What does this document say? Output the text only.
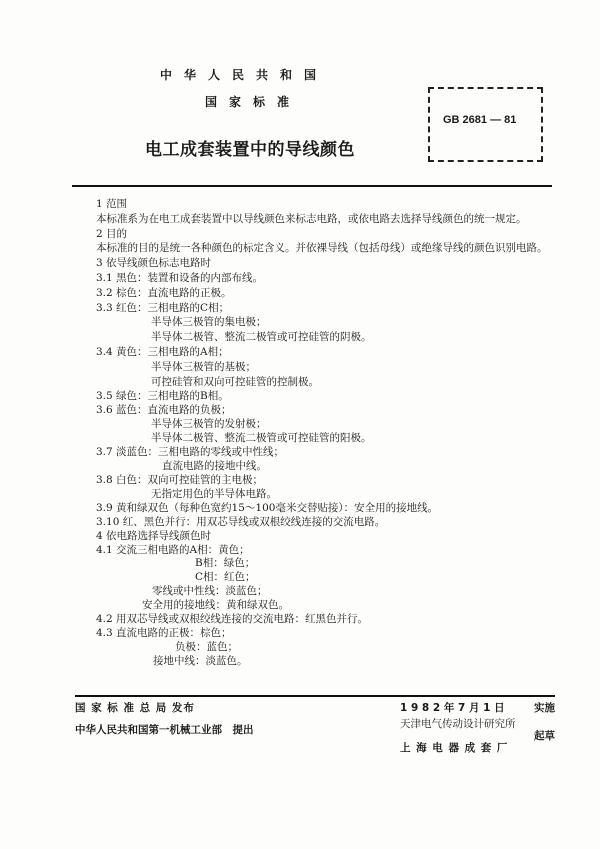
中华人民共和国
国家标准
电工成套装置中的导线颜色
GB 2681 — 81
1 范围
本标准系为在电工成套装置中以导线颜色来标志电路，或依电路去选择导线颜色的统一规定。
2 目的
本标准的目的是统一各种颜色的标定含义。并依裸导线（包括母线）或绝缘导线的颜色识别电路。
3 依导线颜色标志电路时
3.1 黑色：装置和设备的内部布线。
3.2 棕色：直流电路的正极。
3.3 红色：三相电路的C相；
半导体三极管的集电极；
半导体二极管、整流二极管或可控硅管的阴极。
3.4 黄色：三相电路的A相；
半导体三极管的基极；
可控硅管和双向可控硅管的控制极。
3.5 绿色：三相电路的B相。
3.6 蓝色：直流电路的负极；
半导体三极管的发射极；
半导体二极管、整流二极管或可控硅管的阳极。
3.7 淡蓝色：三相电路的零线或中性线；
直流电路的接地中线。
3.8 白色：双向可控硅管的主电极；
无指定用色的半导体电路。
3.9 黄和绿双色（每种色宽约15～100毫米交替贴接）：安全用的接地线。
3.10 红、黑色并行：用双芯导线或双根绞线连接的交流电路。
4 依电路选择导线颜色时
4.1 交流三相电路的A相：黄色；
B相：绿色；
C相：红色；
零线或中性线：淡蓝色；
安全用的接地线：黄和绿双色。
4.2 用双芯导线或双根绞线连接的交流电路：红黑色并行。
4.3 直流电路的正极：棕色；
负极：蓝色；
接地中线：淡蓝色。
国 家 标 准 总 局 发布
中华人民共和国第一机械工业部　提出
1 9 8 2 年 7 月 1 日	实施
天津电气传动设计研究所
上 海 电 器 成 套 厂
起草
